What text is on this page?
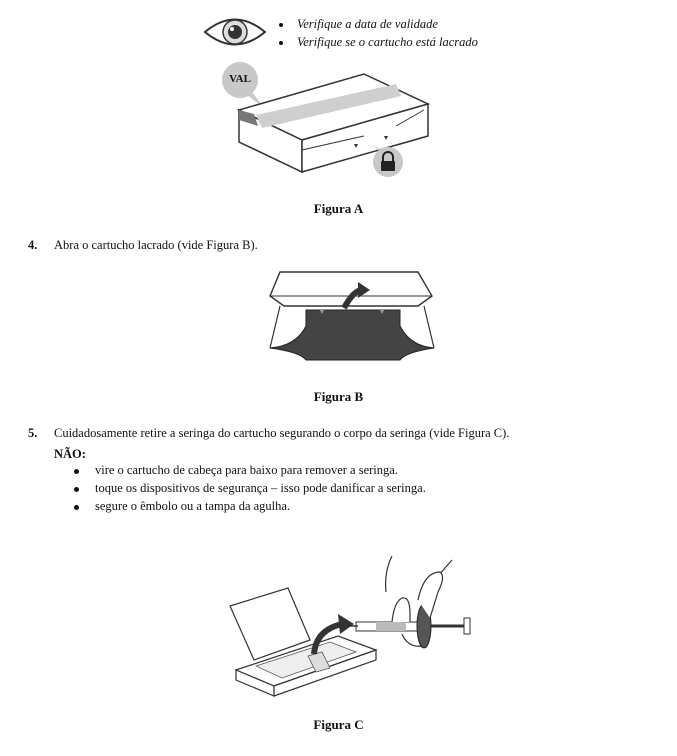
Verifique a data de validade
Verifique se o cartucho está lacrado
VAL
Figura A
4. Abra o cartucho lacrado (vide Figura B).
Figura B
5. Cuidadosamente retire a seringa do cartucho segurando o corpo da seringa (vide Figura C).
NÃO:
vire o cartucho de cabeça para baixo para remover a seringa.
toque os dispositivos de segurança – isso pode danificar a seringa.
segure o êmbolo ou a tampa da agulha.
Figura C
